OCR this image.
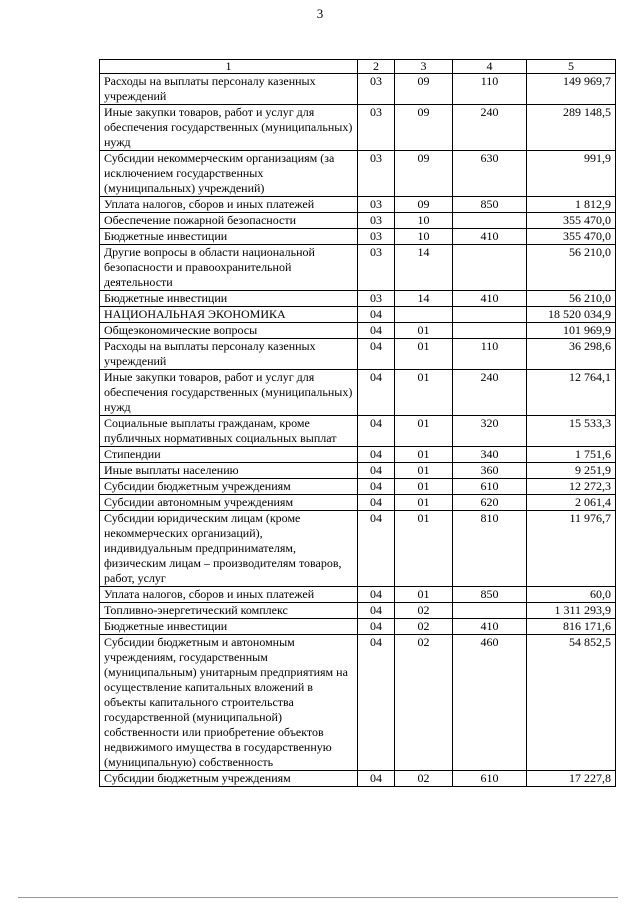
3
1	2	3	4	5
Расходы на выплаты персоналу казенных учреждений	03	09	110	149 969,7
Иные закупки товаров, работ и услуг для обеспечения государственных (муниципальных) нужд	03	09	240	289 148,5
Субсидии некоммерческим организациям (за исключением государственных (муниципальных) учреждений)	03	09	630	991,9
Уплата налогов, сборов и иных платежей	03	09	850	1 812,9
Обеспечение пожарной безопасности	03	10		355 470,0
Бюджетные инвестиции	03	10	410	355 470,0
Другие вопросы в области национальной безопасности и правоохранительной деятельности	03	14		56 210,0
Бюджетные инвестиции	03	14	410	56 210,0
НАЦИОНАЛЬНАЯ ЭКОНОМИКА	04			18 520 034,9
Общеэкономические вопросы	04	01		101 969,9
Расходы на выплаты персоналу казенных учреждений	04	01	110	36 298,6
Иные закупки товаров, работ и услуг для обеспечения государственных (муниципальных) нужд	04	01	240	12 764,1
Социальные выплаты гражданам, кроме публичных нормативных социальных выплат	04	01	320	15 533,3
Стипендии	04	01	340	1 751,6
Иные выплаты населению	04	01	360	9 251,9
Субсидии бюджетным учреждениям	04	01	610	12 272,3
Субсидии автономным учреждениям	04	01	620	2 061,4
Субсидии юридическим лицам (кроме некоммерческих организаций), индивидуальным предпринимателям, физическим лицам – производителям товаров, работ, услуг	04	01	810	11 976,7
Уплата налогов, сборов и иных платежей	04	01	850	60,0
Топливно-энергетический комплекс	04	02		1 311 293,9
Бюджетные инвестиции	04	02	410	816 171,6
Субсидии бюджетным и автономным учреждениям, государственным (муниципальным) унитарным предприятиям на осуществление капитальных вложений в объекты капитального строительства государственной (муниципальной) собственности или приобретение объектов недвижимого имущества в государственную (муниципальную) собственность	04	02	460	54 852,5
Субсидии бюджетным учреждениям	04	02	610	17 227,8
